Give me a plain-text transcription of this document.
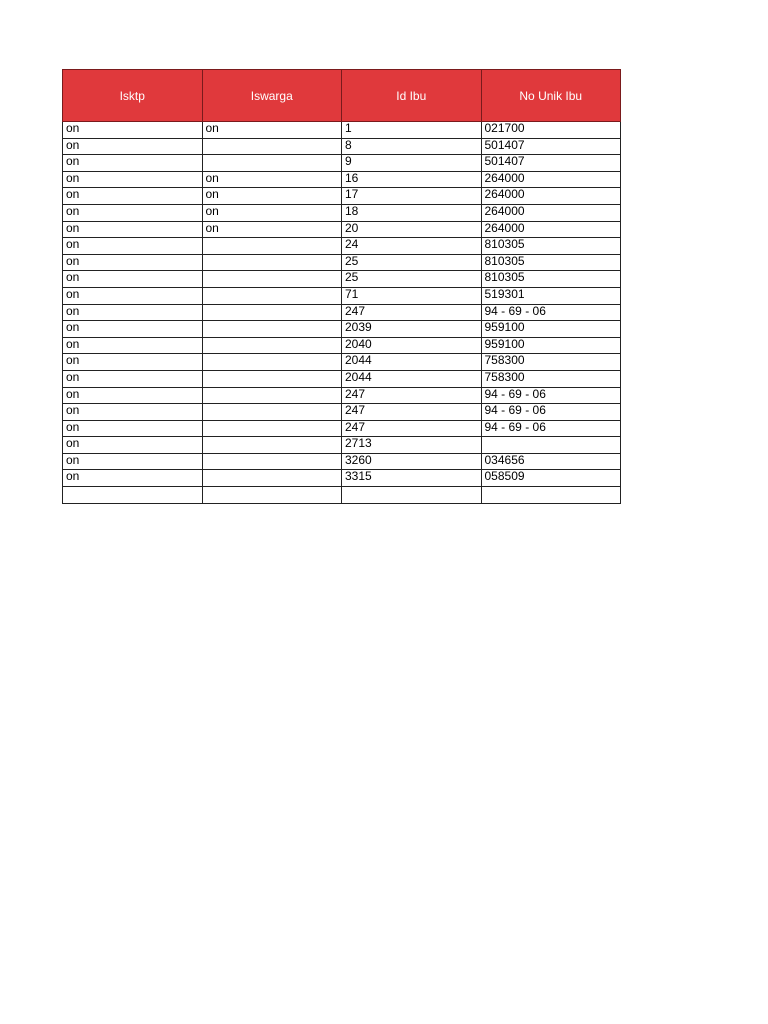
Isktp	Iswarga	Id Ibu	No Unik Ibu
on	on	1	021700
on		8	501407
on		9	501407
on	on	16	264000
on	on	17	264000
on	on	18	264000
on	on	20	264000
on		24	810305
on		25	810305
on		25	810305
on		71	519301
on		247	94 - 69 - 06
on		2039	959100
on		2040	959100
on		2044	758300
on		2044	758300
on		247	94 - 69 - 06
on		247	94 - 69 - 06
on		247	94 - 69 - 06
on		2713	
on		3260	034656
on		3315	058509
